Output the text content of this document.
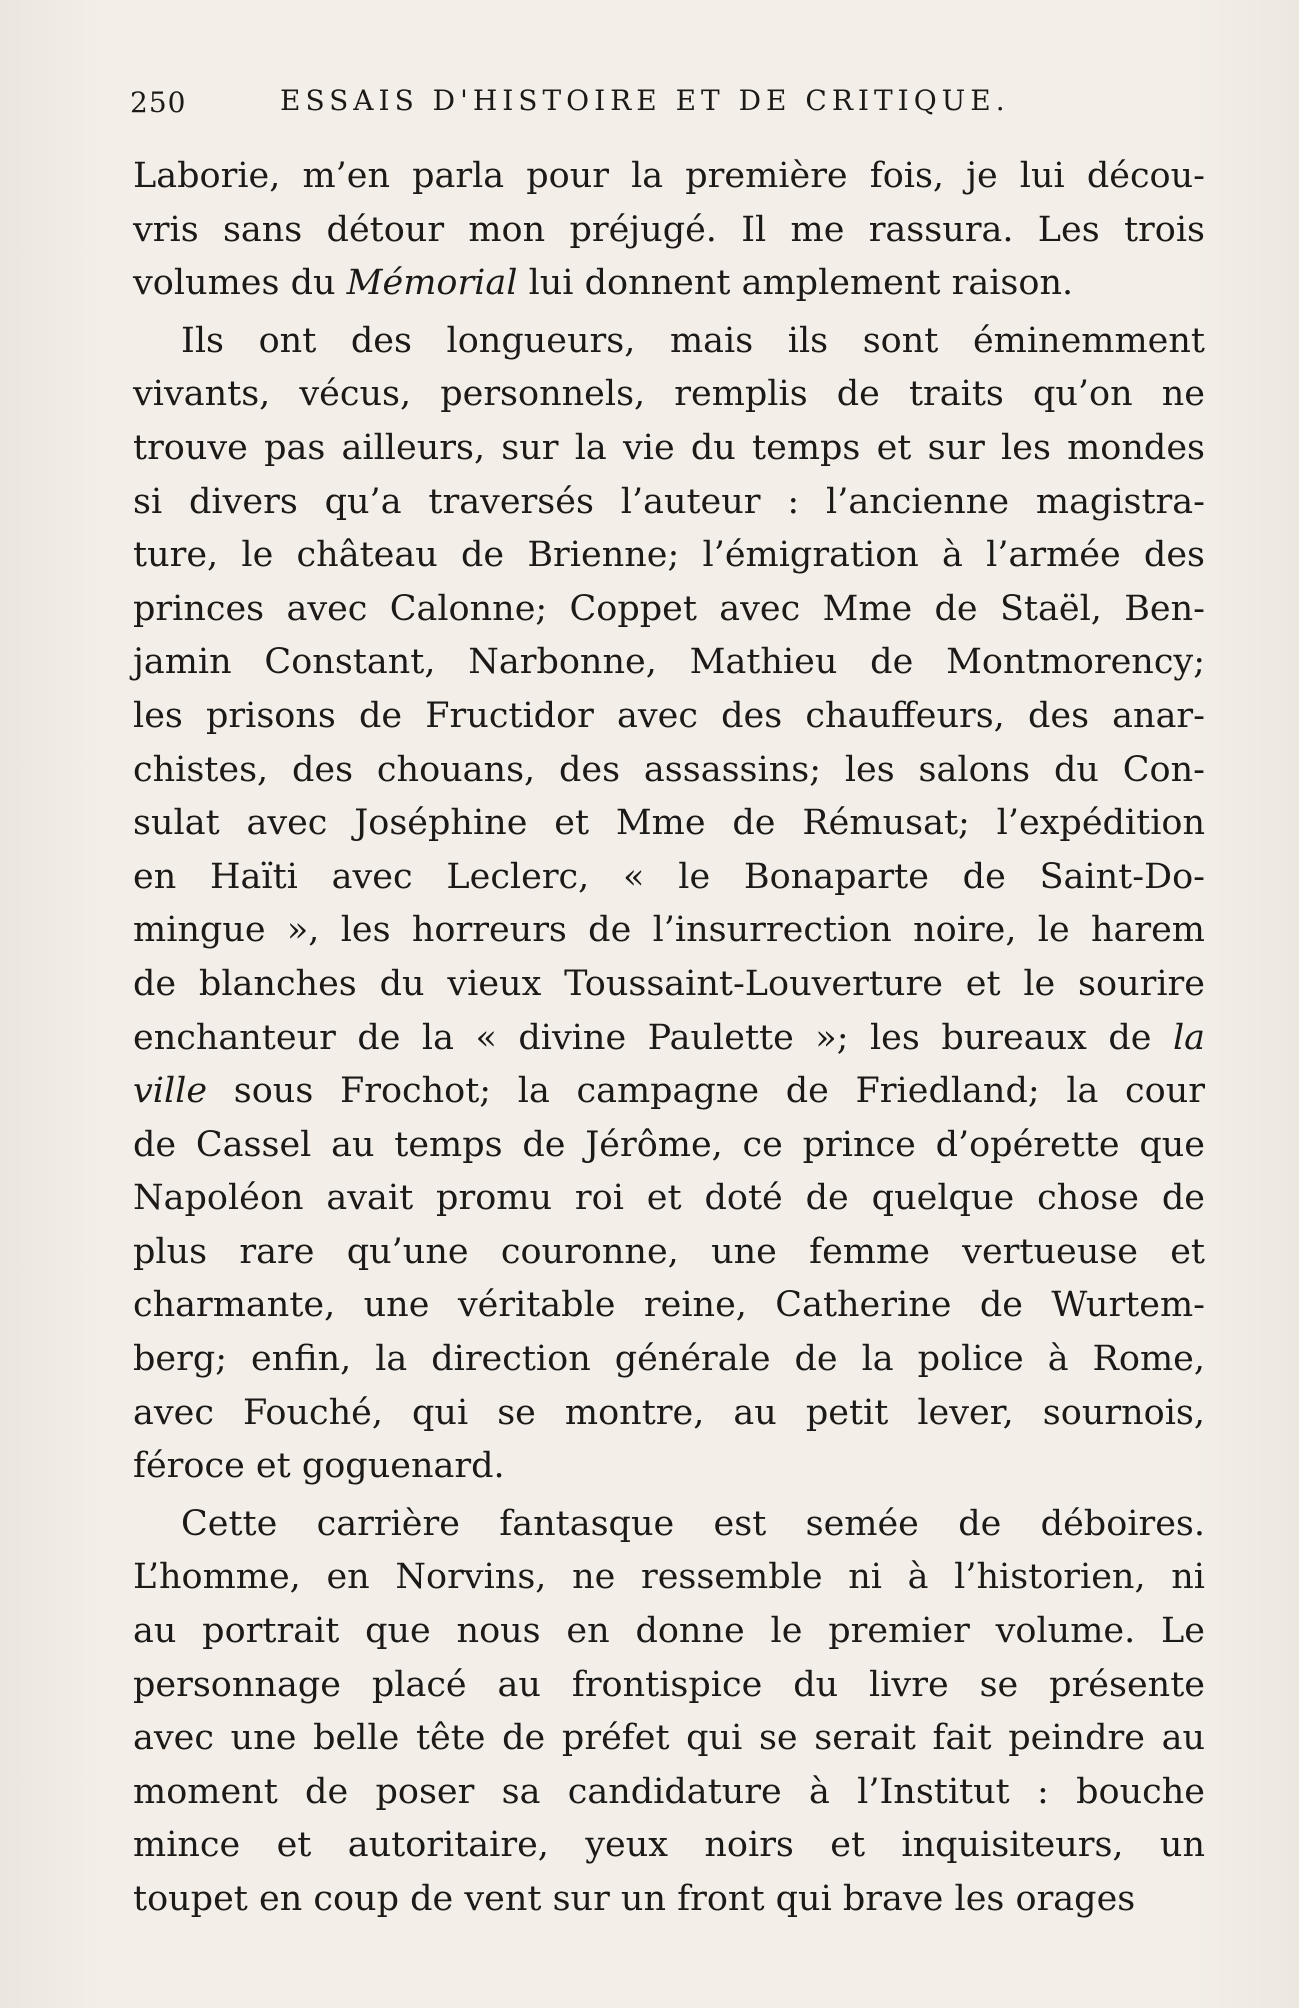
250	ESSAIS D'HISTOIRE ET DE CRITIQUE.
Laborie, m’en parla pour la première fois, je lui décou-
vris sans détour mon préjugé. Il me rassura. Les trois
volumes du Mémorial lui donnent amplement raison.
Ils ont des longueurs, mais ils sont éminemment
vivants, vécus, personnels, remplis de traits qu’on ne
trouve pas ailleurs, sur la vie du temps et sur les mondes
si divers qu’a traversés l’auteur : l’ancienne magistra-
ture, le château de Brienne; l’émigration à l’armée des
princes avec Calonne; Coppet avec Mme de Staël, Ben-
jamin Constant, Narbonne, Mathieu de Montmorency;
les prisons de Fructidor avec des chauffeurs, des anar-
chistes, des chouans, des assassins; les salons du Con-
sulat avec Joséphine et Mme de Rémusat; l’expédition
en Haïti avec Leclerc, « le Bonaparte de Saint-Do-
mingue », les horreurs de l’insurrection noire, le harem
de blanches du vieux Toussaint-Louverture et le sourire
enchanteur de la « divine Paulette »; les bureaux de la
ville sous Frochot; la campagne de Friedland; la cour
de Cassel au temps de Jérôme, ce prince d’opérette que
Napoléon avait promu roi et doté de quelque chose de
plus rare qu’une couronne, une femme vertueuse et
charmante, une véritable reine, Catherine de Wurtem-
berg; enfin, la direction générale de la police à Rome,
avec Fouché, qui se montre, au petit lever, sournois,
féroce et goguenard.
Cette carrière fantasque est semée de déboires.
L’homme, en Norvins, ne ressemble ni à l’historien, ni
au portrait que nous en donne le premier volume. Le
personnage placé au frontispice du livre se présente
avec une belle tête de préfet qui se serait fait peindre au
moment de poser sa candidature à l’Institut : bouche
mince et autoritaire, yeux noirs et inquisiteurs, un
toupet en coup de vent sur un front qui brave les orages
